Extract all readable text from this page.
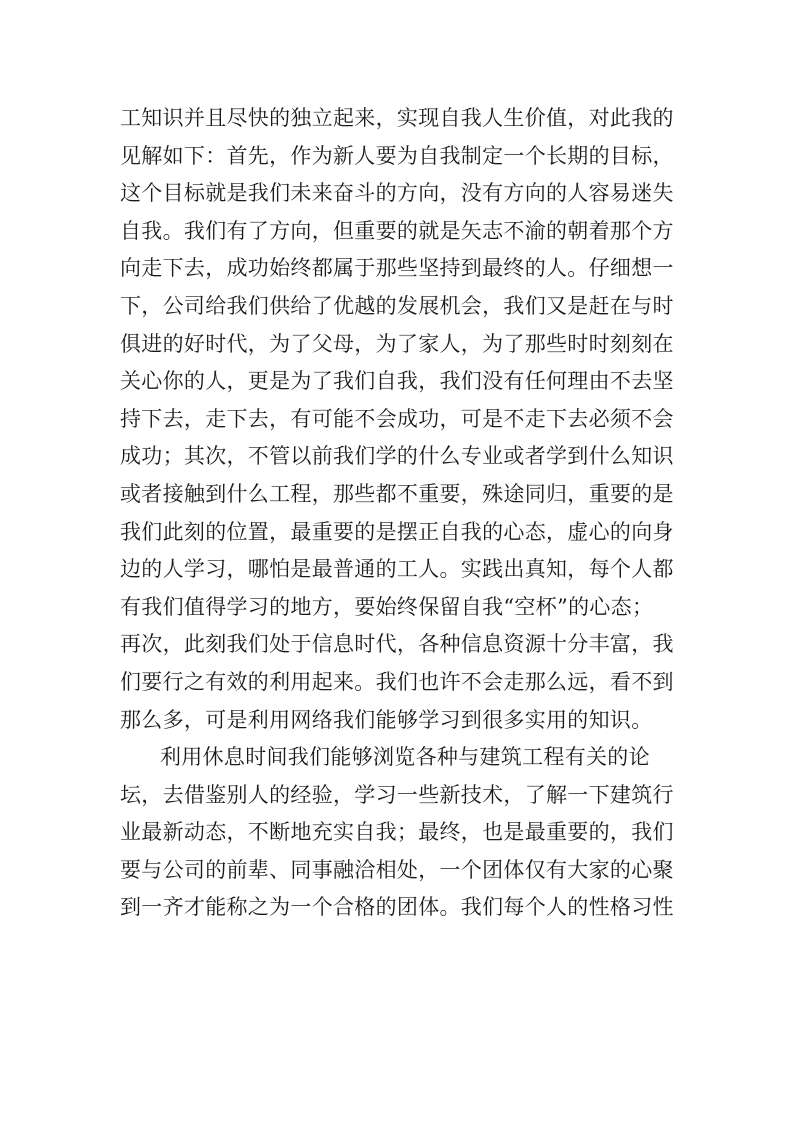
工知识并且尽快的独立起来，实现自我人生价值，对此我的
见解如下：首先，作为新人要为自我制定一个长期的目标，
这个目标就是我们未来奋斗的方向，没有方向的人容易迷失
自我。我们有了方向，但重要的就是矢志不渝的朝着那个方
向走下去，成功始终都属于那些坚持到最终的人。仔细想一
下，公司给我们供给了优越的发展机会，我们又是赶在与时
俱进的好时代，为了父母，为了家人，为了那些时时刻刻在
关心你的人，更是为了我们自我，我们没有任何理由不去坚
持下去，走下去，有可能不会成功，可是不走下去必须不会
成功；其次，不管以前我们学的什么专业或者学到什么知识
或者接触到什么工程，那些都不重要，殊途同归，重要的是
我们此刻的位置，最重要的是摆正自我的心态，虚心的向身
边的人学习，哪怕是最普通的工人。实践出真知，每个人都
有我们值得学习的地方，要始终保留自我“空杯”的心态；
再次，此刻我们处于信息时代，各种信息资源十分丰富，我
们要行之有效的利用起来。我们也许不会走那么远，看不到
那么多，可是利用网络我们能够学习到很多实用的知识。
利用休息时间我们能够浏览各种与建筑工程有关的论
坛，去借鉴别人的经验，学习一些新技术，了解一下建筑行
业最新动态，不断地充实自我；最终，也是最重要的，我们
要与公司的前辈、同事融洽相处，一个团体仅有大家的心聚
到一齐才能称之为一个合格的团体。我们每个人的性格习性
